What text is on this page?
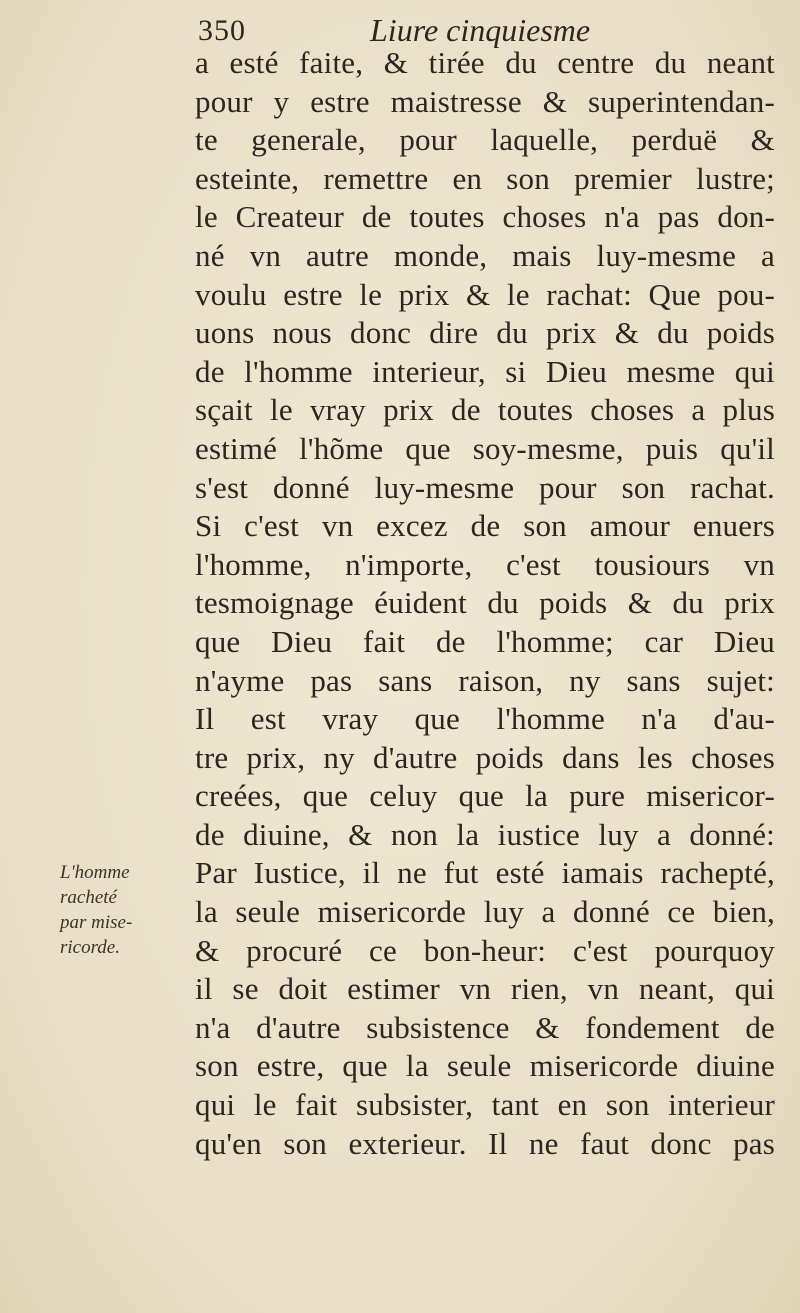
350	Liure cinquiesme
a esté faite, & tirée du centre du neant
pour y estre maistresse & superintendan-
te generale, pour laquelle, perduë &
esteinte, remettre en son premier lustre;
le Createur de toutes choses n'a pas don-
né vn autre monde, mais luy-mesme a
voulu estre le prix & le rachat: Que pou-
uons nous donc dire du prix & du poids
de l'homme interieur, si Dieu mesme qui
sçait le vray prix de toutes choses a plus
estimé l'hõme que soy-mesme, puis qu'il
s'est donné luy-mesme pour son rachat.
Si c'est vn excez de son amour enuers
l'homme, n'importe, c'est tousiours vn
tesmoignage éuident du poids & du prix
que Dieu fait de l'homme; car Dieu
n'ayme pas sans raison, ny sans sujet:
Il est vray que l'homme n'a d'au-
tre prix, ny d'autre poids dans les choses
creées, que celuy que la pure misericor-
de diuine, & non la iustice luy a donné:
Par Iustice, il ne fut esté iamais rachepté,
la seule misericorde luy a donné ce bien,
& procuré ce bon-heur: c'est pourquoy
il se doit estimer vn rien, vn neant, qui
n'a d'autre subsistence & fondement de
son estre, que la seule misericorde diuine
qui le fait subsister, tant en son interieur
qu'en son exterieur. Il ne faut donc pas
L'homme
racheté
par mise-
ricorde.
